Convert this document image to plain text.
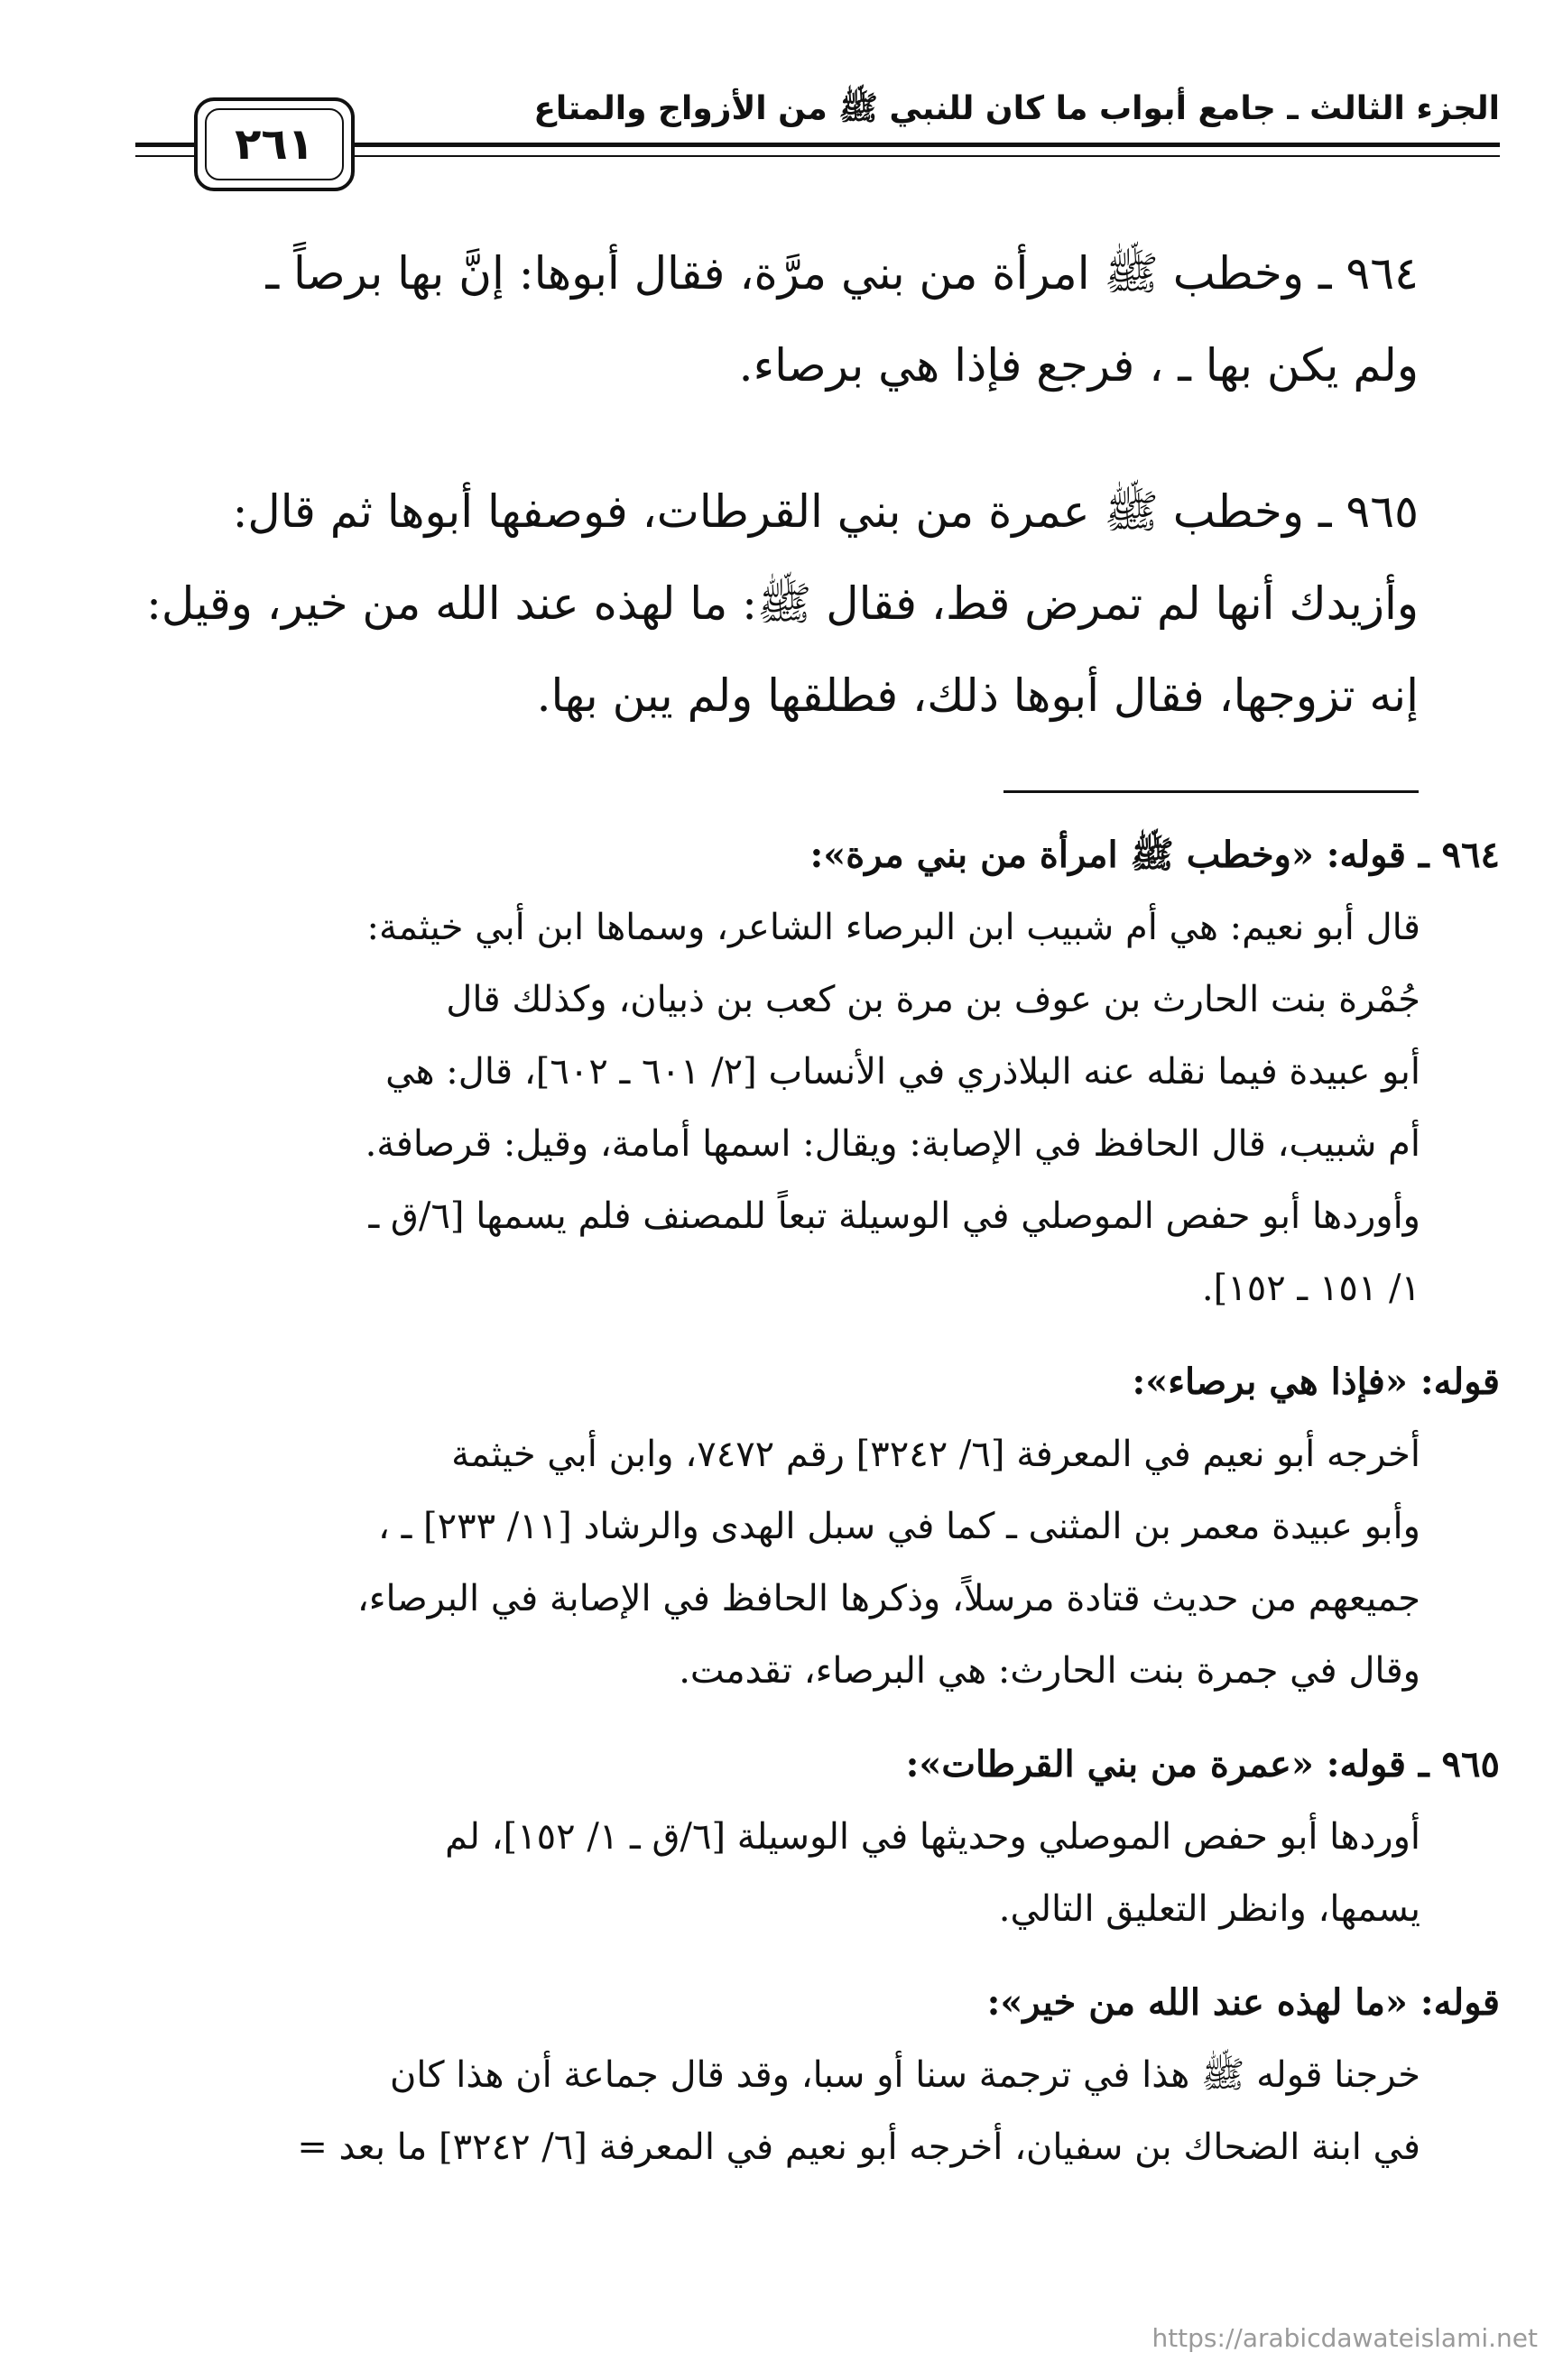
الجزء الثالث ـ جامع أبواب ما كان للنبي ﷺ من الأزواج والمتاع
٢٦١

٩٦٤ ـ وخطب ﷺ امرأة من بني مرَّة، فقال أبوها: إنَّ بها برصاً ـ
ولم يكن بها ـ ، فرجع فإذا هي برصاء.

٩٦٥ ـ وخطب ﷺ عمرة من بني القرطات، فوصفها أبوها ثم قال:
وأزيدك أنها لم تمرض قط، فقال ﷺ: ما لهذه عند الله من خير، وقيل:
إنه تزوجها، فقال أبوها ذلك، فطلقها ولم يبن بها.

٩٦٤ ـ قوله: «وخطب ﷺ امرأة من بني مرة»:

قال أبو نعيم: هي أم شبيب ابن البرصاء الشاعر، وسماها ابن أبي خيثمة:

جُمْرة بنت الحارث بن عوف بن مرة بن كعب بن ذبيان، وكذلك قال

أبو عبيدة فيما نقله عنه البلاذري في الأنساب [٢/ ٦٠١ ـ ٦٠٢]، قال: هي

أم شبيب، قال الحافظ في الإصابة: ويقال: اسمها أمامة، وقيل: قرصافة.

وأوردها أبو حفص الموصلي في الوسيلة تبعاً للمصنف فلم يسمها [٦/ق ـ

١/ ١٥١ ـ ١٥٢].

قوله: «فإذا هي برصاء»:

أخرجه أبو نعيم في المعرفة [٦/ ٣٢٤٢] رقم ٧٤٧٢، وابن أبي خيثمة

وأبو عبيدة معمر بن المثنى ـ كما في سبل الهدى والرشاد [١١/ ٢٣٣] ـ ،

جميعهم من حديث قتادة مرسلاً، وذكرها الحافظ في الإصابة في البرصاء،

وقال في جمرة بنت الحارث: هي البرصاء، تقدمت.

٩٦٥ ـ قوله: «عمرة من بني القرطات»:

أوردها أبو حفص الموصلي وحديثها في الوسيلة [٦/ق ـ ١/ ١٥٢]، لم

يسمها، وانظر التعليق التالي.

قوله: «ما لهذه عند الله من خير»:

خرجنا قوله ﷺ هذا في ترجمة سنا أو سبا، وقد قال جماعة أن هذا كان

في ابنة الضحاك بن سفيان، أخرجه أبو نعيم في المعرفة [٦/ ٣٢٤٢] ما بعد =

https://arabicdawateislami.net
